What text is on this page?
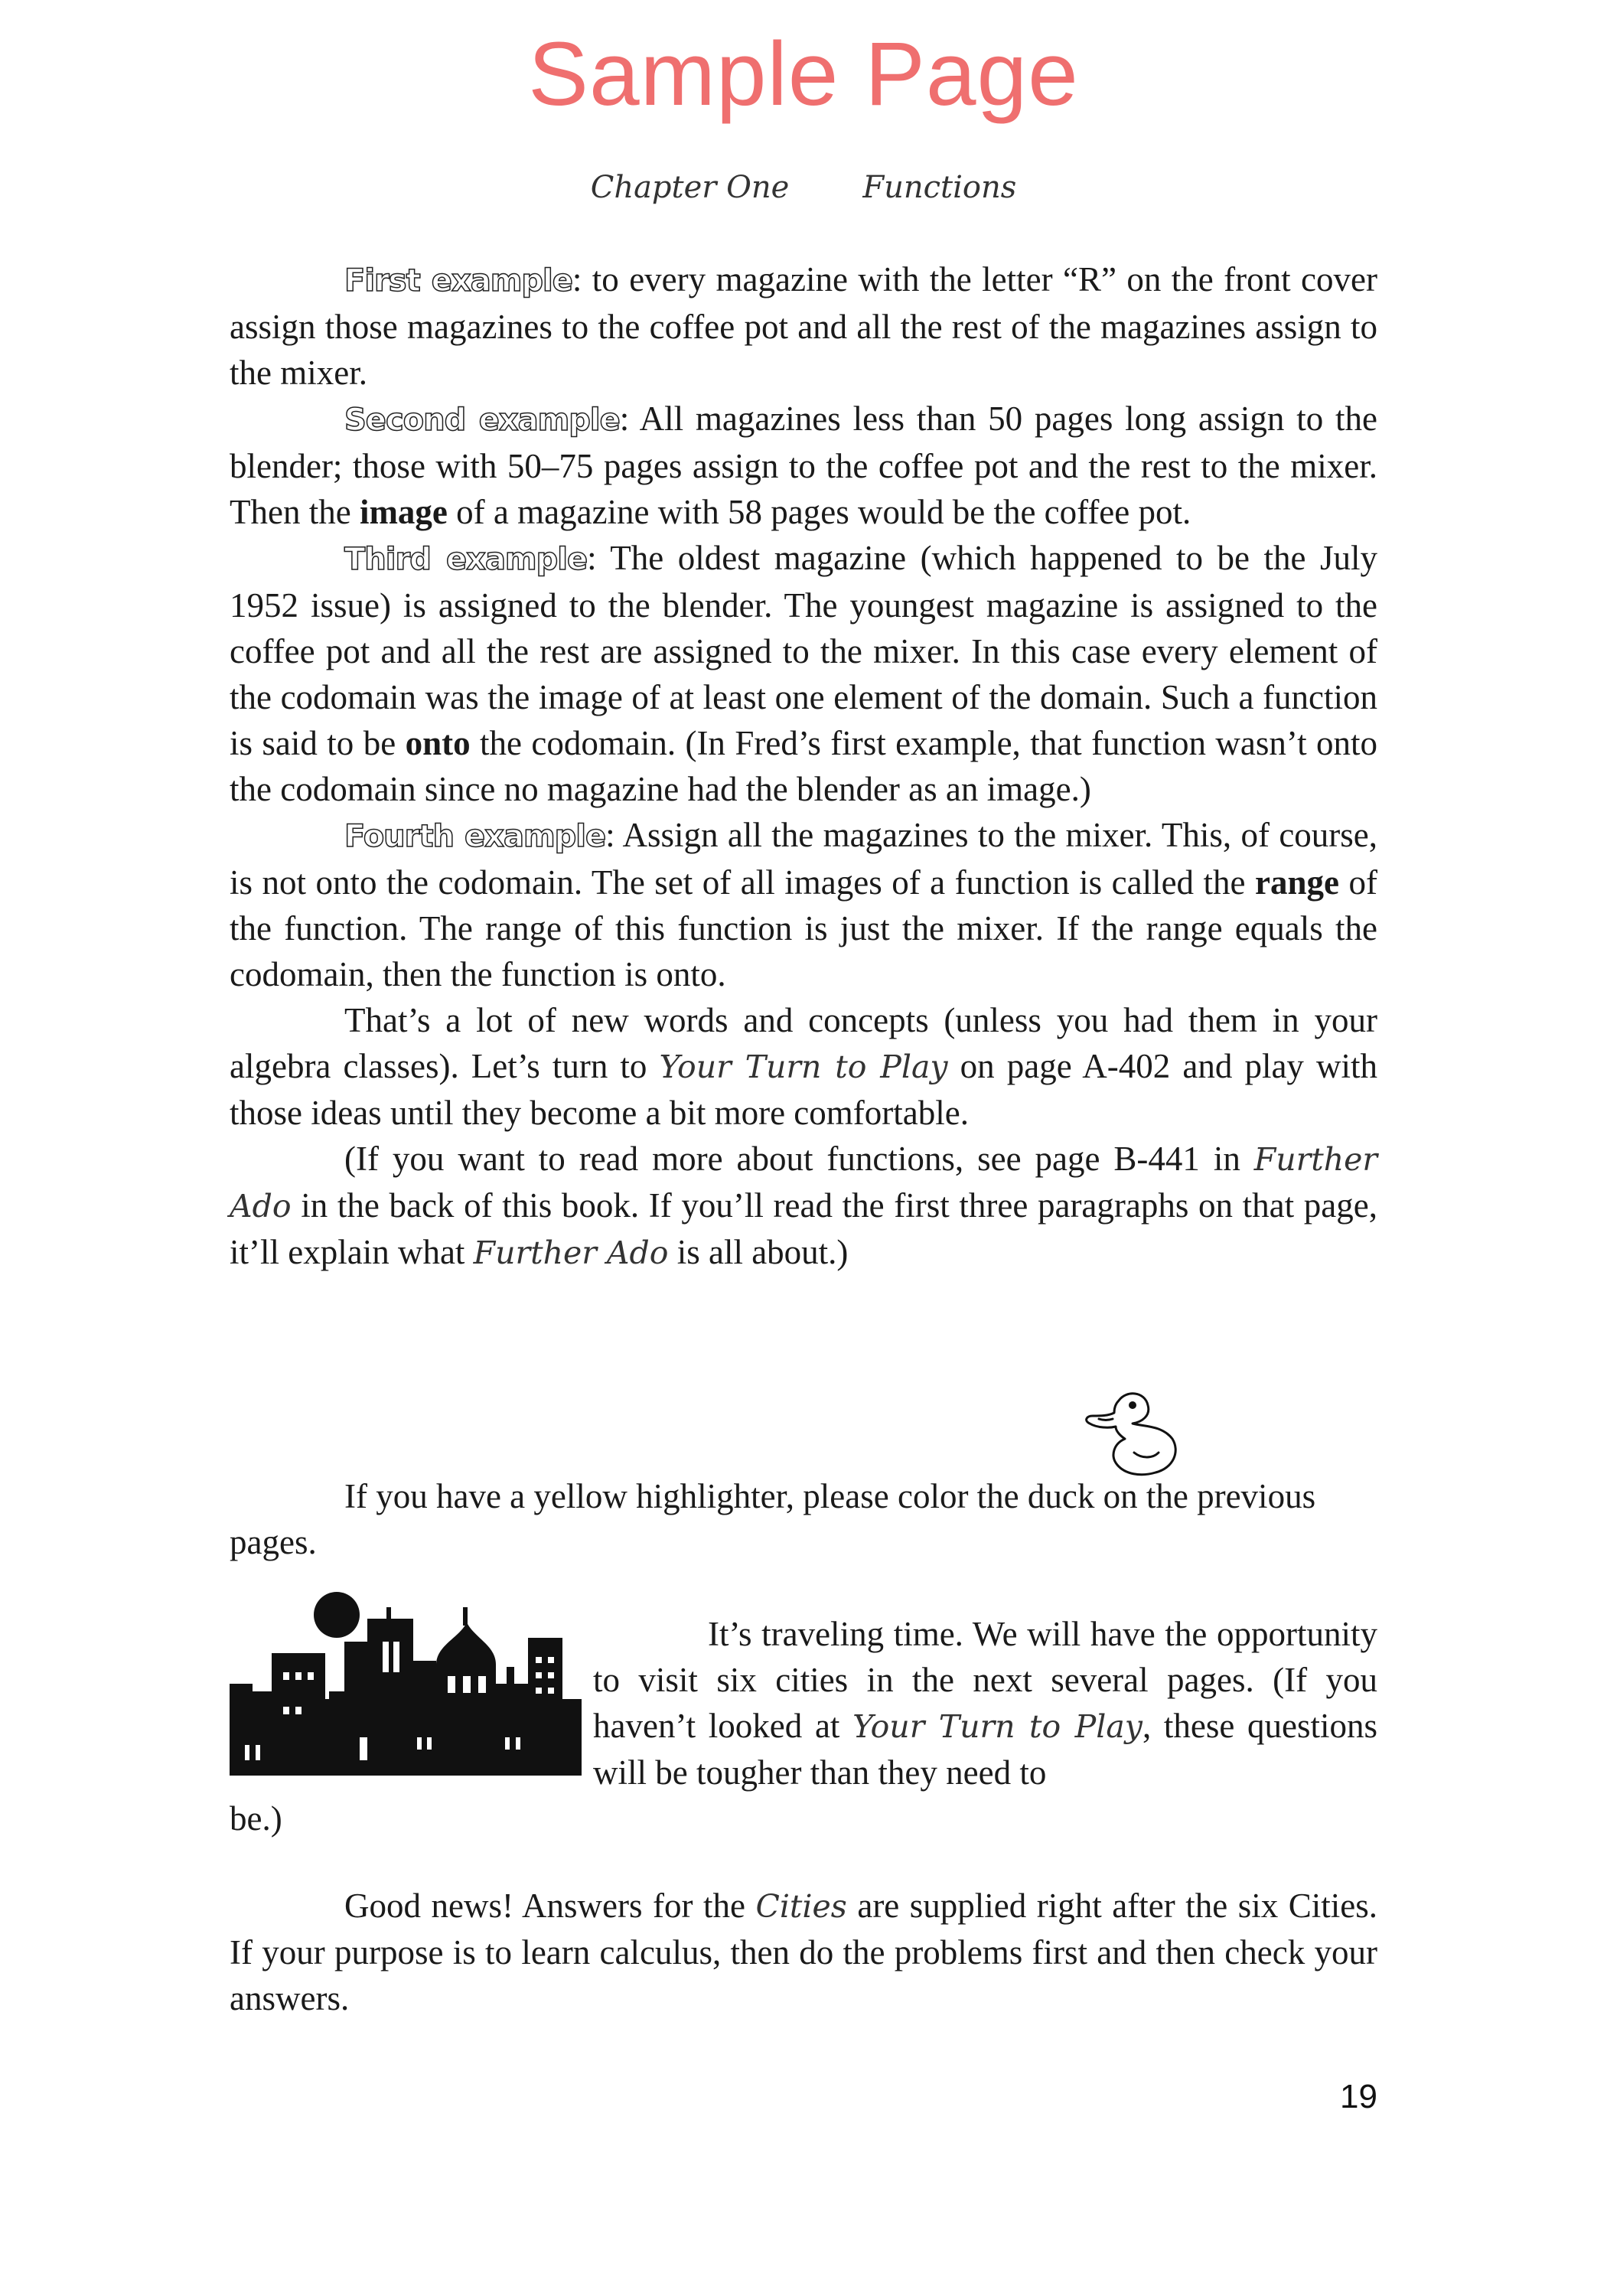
Sample Page
Chapter One Functions

First example: to every magazine with the letter “R” on the front cover assign those magazines to the coffee pot and all the rest of the magazines assign to the mixer.

Second example: All magazines less than 50 pages long assign to the blender; those with 50–75 pages assign to the coffee pot and the rest to the mixer. Then the image of a magazine with 58 pages would be the coffee pot.

Third example: The oldest magazine (which happened to be the July 1952 issue) is assigned to the blender. The youngest magazine is assigned to the coffee pot and all the rest are assigned to the mixer. In this case every element of the codomain was the image of at least one element of the domain. Such a function is said to be onto the codomain. (In Fred’s first example, that function wasn’t onto the codomain since no magazine had the blender as an image.)

Fourth example: Assign all the magazines to the mixer. This, of course, is not onto the codomain. The set of all images of a function is called the range of the function. The range of this function is just the mixer. If the range equals the codomain, then the function is onto.

That’s a lot of new words and concepts (unless you had them in your algebra classes). Let’s turn to Your Turn to Play on page A-402 and play with those ideas until they become a bit more comfortable.

(If you want to read more about functions, see page B-441 in Further Ado in the back of this book. If you’ll read the first three paragraphs on that page, it’ll explain what Further Ado is all about.)

If you have a yellow highlighter, please color the duck on the previous pages.

It’s traveling time. We will have the opportunity to visit six cities in the next several pages. (If you haven’t looked at Your Turn to Play, these questions will be tougher than they need to

be.)

Good news! Answers for the Cities are supplied right after the six Cities. If your purpose is to learn calculus, then do the problems first and then check your answers.

19
